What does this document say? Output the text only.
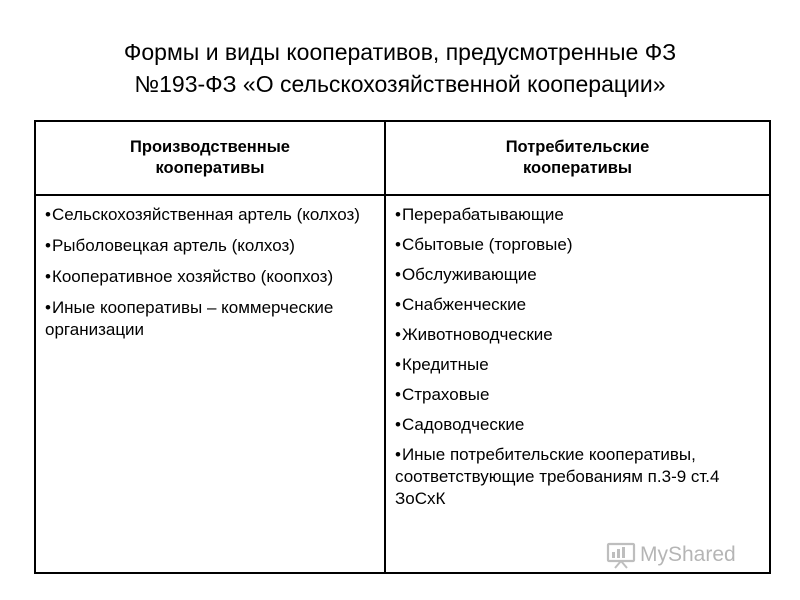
Формы и виды кооперативов, предусмотренные ФЗ
№193-ФЗ «О сельскохозяйственной кооперации»
Производственные
кооперативы
Потребительские
кооперативы
•Сельскохозяйственная артель (колхоз)
•Рыболовецкая артель (колхоз)
•Кооперативное хозяйство (коопхоз)
•Иные кооперативы – коммерческие организации
•Перерабатывающие
•Сбытовые (торговые)
•Обслуживающие
•Снабженческие
•Животноводческие
•Кредитные
•Страховые
•Садоводческие
•Иные потребительские кооперативы, соответствующие требованиям п.3-9 ст.4 ЗоСхК
MyShared
